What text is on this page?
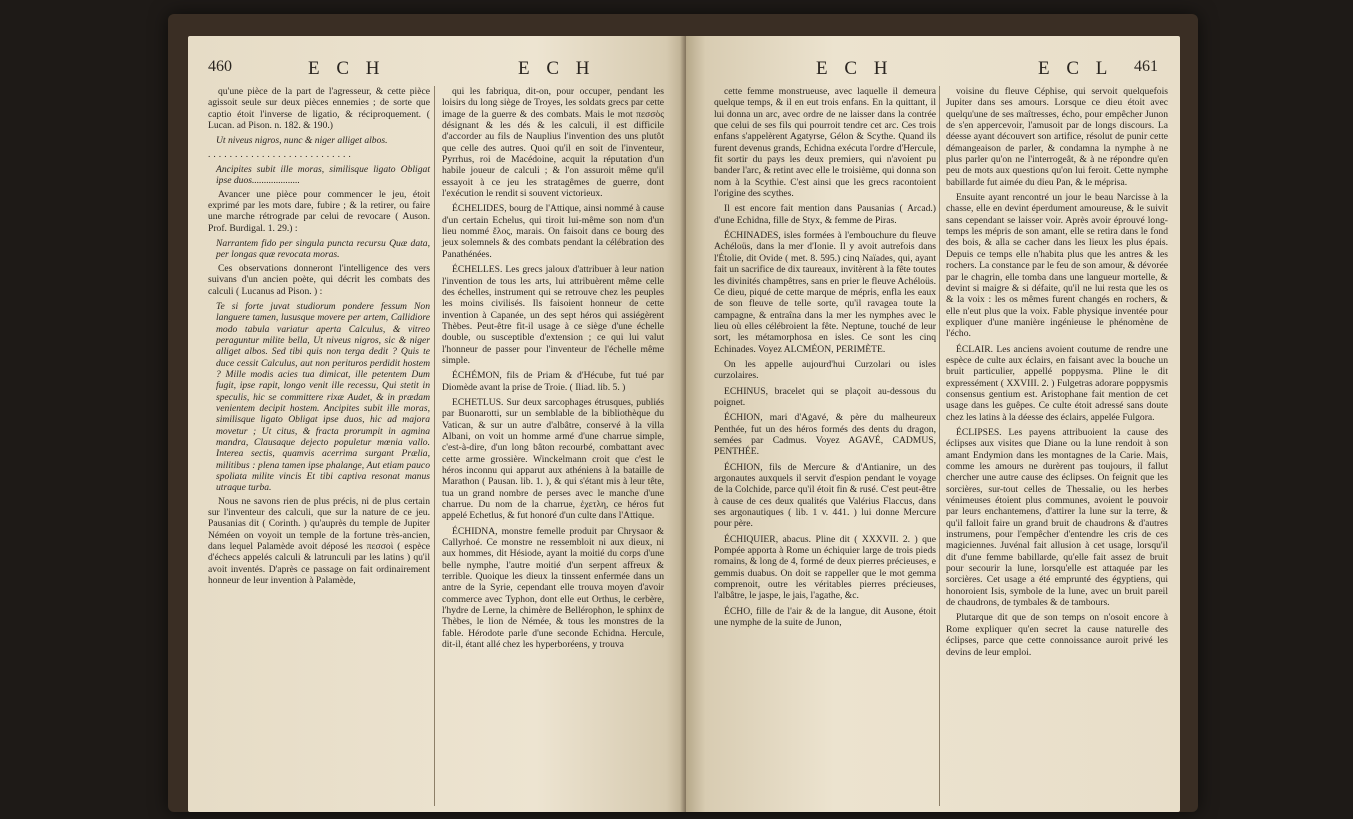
460	E C H	E C H

qu'une pièce de la part de l'agresseur, & cette pièce agissoit seule sur deux pièces ennemies ; de sorte que captio étoit l'inverse de ligatio, & réciproquement. ( Lucan. ad Pison. n. 182. & 190.)

Ut niveus nigros, nunc & niger alliget albos.

...........................

Ancipites subit ille moras, similisque ligato Obligat ipse duos....................

Avancer une pièce pour commencer le jeu, étoit exprimé par les mots dare, fubire ; & la retirer, ou faire une marche rétrograde par celui de revocare ( Auson. Prof. Burdigal. 1. 29.) :

Narrantem fido per singula puncta recursu Quæ data, per longas quæ revocata moras.

Ces observations donneront l'intelligence des vers suivans d'un ancien poète, qui décrit les combats des calculi ( Lucanus ad Pison. ) :

Te si forte juvat studiorum pondere fessum Non languere tamen, lususque movere per artem, Callidiore modo tabula variatur aperta Calculus, & vitreo peraguntur milite bella, Ut niveus nigros, sic & niger alliget albos. Sed tibi quis non terga dedit ? Quis te duce cessit Calculus, aut non perituros perdidit hostem ? Mille modis acies tua dimicat, ille petentem Dum fugit, ipse rapit, longo venit ille recessu, Qui stetit in speculis, hic se committere rixæ Audet, & in prædam venientem decipit hostem. Ancipites subit ille moras, similisque ligato Obligat ipse duos, hic ad majora movetur ; Ut citus, & fracta prorumpit in agmina mandra, Clausaque dejecto populetur mœnia vallo. Interea sectis, quamvis acerrima surgant Prælia, militibus : plena tamen ipse phalange, Aut etiam pauco spoliata milite vincis Et tibi captiva resonat manus utraque turba.

Nous ne savons rien de plus précis, ni de plus certain sur l'inventeur des calculi, que sur la nature de ce jeu. Pausanias dit ( Corinth. ) qu'auprès du temple de Jupiter Néméen on voyoit un temple de la fortune très-ancien, dans lequel Palamède avoit déposé les πεσσοὶ ( espèce d'échecs appelés calculi & latrunculi par les latins ) qu'il avoit inventés. D'après ce passage on fait ordinairement honneur de leur invention à Palamède,

qui les fabriqua, dit-on, pour occuper, pendant les loisirs du long siège de Troyes, les soldats grecs par cette image de la guerre & des combats. Mais le mot πεσσὸς désignant & les dés & les calculi, il est difficile d'accorder au fils de Nauplius l'invention des uns plutôt que celle des autres. Quoi qu'il en soit de l'inventeur, Pyrrhus, roi de Macédoine, acquit la réputation d'un habile joueur de calculi ; & l'on assuroit même qu'il essayoit à ce jeu les stratagêmes de guerre, dont l'exécution le rendit si souvent victorieux.

ÉCHELIDES, bourg de l'Attique, ainsi nommé à cause d'un certain Echelus, qui tiroit lui-même son nom d'un lieu nommé ἕλος, marais. On faisoit dans ce bourg des jeux solemnels & des combats pendant la célébration des Panathénées.

ÉCHELLES. Les grecs jaloux d'attribuer à leur nation l'invention de tous les arts, lui attribuèrent même celle des échelles, instrument qui se retrouve chez les peuples les moins civilisés. Ils faisoient honneur de cette invention à Capanée, un des sept héros qui assiégèrent Thèbes. Peut-être fit-il usage à ce siège d'une échelle double, ou susceptible d'extension ; ce qui lui valut l'honneur de passer pour l'inventeur de l'échelle même simple.

ÉCHÉMON, fils de Priam & d'Hécube, fut tué par Diomède avant la prise de Troie. ( Iliad. lib. 5. )

ECHETLUS. Sur deux sarcophages étrusques, publiés par Buonarotti, sur un semblable de la bibliothèque du Vatican, & sur un autre d'albâtre, conservé à la villa Albani, on voit un homme armé d'une charrue simple, c'est-à-dire, d'un long bâton recourbé, combattant avec cette arme grossière. Winckelmann croit que c'est le héros inconnu qui apparut aux athéniens à la bataille de Marathon ( Pausan. lib. 1. ), & qui s'étant mis à leur tête, tua un grand nombre de perses avec le manche d'une charrue. Du nom de la charrue, ἐχετλη, ce héros fut appelé Echetlus, & fut honoré d'un culte dans l'Attique.

ÉCHIDNA, monstre femelle produit par Chrysaor & Callyrhoé. Ce monstre ne ressembloit ni aux dieux, ni aux hommes, dit Hésiode, ayant la moitié du corps d'une belle nymphe, l'autre moitié d'un serpent affreux & terrible. Quoique les dieux la tinssent enfermée dans un antre de la Syrie, cependant elle trouva moyen d'avoir commerce avec Typhon, dont elle eut Orthus, le cerbère, l'hydre de Lerne, la chimère de Bellérophon, le sphinx de Thèbes, le lion de Némée, & tous les monstres de la fable. Hérodote parle d'une seconde Echidna. Hercule, dit-il, étant allé chez les hyperboréens, y trouva

E C H	E C L 461

cette femme monstrueuse, avec laquelle il demeura quelque temps, & il en eut trois enfans. En la quittant, il lui donna un arc, avec ordre de ne laisser dans la contrée que celui de ses fils qui pourroit tendre cet arc. Ces trois enfans s'appelèrent Agatyrse, Gélon & Scythe. Quand ils furent devenus grands, Echidna exécuta l'ordre d'Hercule, fit sortir du pays les deux premiers, qui n'avoient pu bander l'arc, & retint avec elle le troisième, qui donna son nom à la Scythie. C'est ainsi que les grecs racontoient l'origine des scythes.

Il est encore fait mention dans Pausanias ( Arcad.) d'une Echidna, fille de Styx, & femme de Piras.

ÉCHINADES, isles formées à l'embouchure du fleuve Achéloüs, dans la mer d'Ionie. Il y avoit autrefois dans l'Étolie, dit Ovide ( met. 8. 595.) cinq Naïades, qui, ayant fait un sacrifice de dix taureaux, invitèrent à la fête toutes les divinités champêtres, sans en prier le fleuve Achéloüs. Ce dieu, piqué de cette marque de mépris, enfla les eaux de son fleuve de telle sorte, qu'il ravagea toute la campagne, & entraîna dans la mer les nymphes avec le lieu où elles célébroient la fête. Neptune, touché de leur sort, les métamorphosa en isles. Ce sont les cinq Echinades. Voyez ALCMÉON, PERIMÈTE.

On les appelle aujourd'hui Curzolari ou isles curzolaires.

ECHINUS, bracelet qui se plaçoit au-dessous du poignet.

ÉCHION, mari d'Agavé, & père du malheureux Penthée, fut un des héros formés des dents du dragon, semées par Cadmus. Voyez AGAVÉ, CADMUS, PENTHÉE.

ÉCHION, fils de Mercure & d'Antianire, un des argonautes auxquels il servit d'espion pendant le voyage de la Colchide, parce qu'il étoit fin & rusé. C'est peut-être à cause de ces deux qualités que Valérius Flaccus, dans ses argonautiques ( lib. 1 v. 441. ) lui donne Mercure pour père.

ÉCHIQUIER, abacus. Pline dit ( XXXVII. 2. ) que Pompée apporta à Rome un échiquier large de trois pieds romains, & long de 4, formé de deux pierres précieuses, e gemmis duabus. On doit se rappeller que le mot gemma comprenoit, outre les véritables pierres précieuses, l'albâtre, le jaspe, le jais, l'agathe, &c.

ÉCHO, fille de l'air & de la langue, dit Ausone, étoit une nymphe de la suite de Junon,

voisine du fleuve Céphise, qui servoit quelquefois Jupiter dans ses amours. Lorsque ce dieu étoit avec quelqu'une de ses maîtresses, écho, pour empêcher Junon de s'en appercevoir, l'amusoit par de longs discours. La déesse ayant découvert son artifice, résolut de punir cette démangeaison de parler, & condamna la nymphe à ne plus parler qu'on ne l'interrogeât, & à ne répondre qu'en peu de mots aux questions qu'on lui feroit. Cette nymphe babillarde fut aimée du dieu Pan, & le méprisa.

Ensuite ayant rencontré un jour le beau Narcisse à la chasse, elle en devint éperdument amoureuse, & le suivit sans cependant se laisser voir. Après avoir éprouvé long-temps les mépris de son amant, elle se retira dans le fond des bois, & alla se cacher dans les lieux les plus épais. Depuis ce temps elle n'habita plus que les antres & les rochers. La constance par le feu de son amour, & dévorée par le chagrin, elle tomba dans une langueur mortelle, & devint si maigre & si défaite, qu'il ne lui resta que les os & la voix : les os mêmes furent changés en rochers, & elle n'eut plus que la voix. Fable physique inventée pour expliquer d'une manière ingénieuse le phénomène de l'écho.

ÉCLAIR. Les anciens avoient coutume de rendre une espèce de culte aux éclairs, en faisant avec la bouche un bruit particulier, appellé poppysma. Pline le dit expressément ( XXVIII. 2. ) Fulgetras adorare poppysmis consensus gentium est. Aristophane fait mention de cet usage dans les guêpes. Ce culte étoit adressé sans doute chez les latins à la déesse des éclairs, appelée Fulgora.

ÉCLIPSES. Les payens attribuoient la cause des éclipses aux visites que Diane ou la lune rendoit à son amant Endymion dans les montagnes de la Carie. Mais, comme les amours ne durèrent pas toujours, il fallut chercher une autre cause des éclipses. On feignit que les sorcières, sur-tout celles de Thessalie, ou les herbes vénimeuses étoient plus communes, avoient le pouvoir par leurs enchantemens, d'attirer la lune sur la terre, & qu'il falloit faire un grand bruit de chaudrons & d'autres instrumens, pour l'empêcher d'entendre les cris de ces magiciennes. Juvénal fait allusion à cet usage, lorsqu'il dit d'une femme babillarde, qu'elle fait assez de bruit pour secourir la lune, lorsqu'elle est attaquée par les sorcières. Cet usage a été emprunté des égyptiens, qui honoroient Isis, symbole de la lune, avec un bruit pareil de chaudrons, de tymbales & de tambours.

Plutarque dit que de son temps on n'osoit encore à Rome expliquer qu'en secret la cause naturelle des éclipses, parce que cette connoissance auroit privé les devins de leur emploi.
